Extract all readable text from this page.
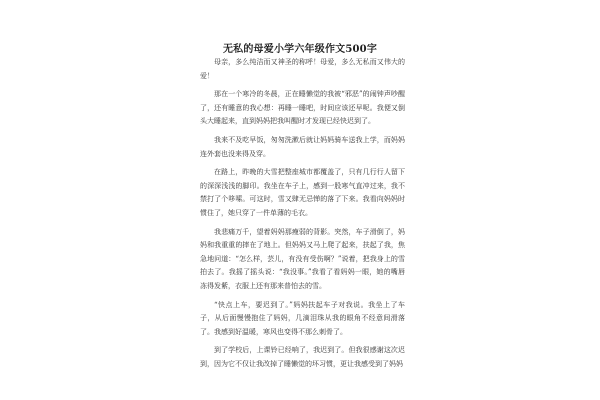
无私的母爱小学六年级作文500字

母亲，多么纯洁而又神圣的称呼！母爱，多么无私而又伟大的爱！

那在一个寒冷的冬晨，正在睡懒觉的我被“邪恶”的闹钟声吵醒了，还有睡意的我心想：再睡一睡吧，时间应该还早呢。我便又倒头大睡起来，直到妈妈把我叫醒时才发现已经快迟到了。

我来不及吃早饭，匆匆洗漱后就让妈妈骑车送我上学，而妈妈连外套也没来得及穿。

在路上，昨晚的大雪把整座城市都覆盖了，只有几行行人留下的深深浅浅的脚印。我坐在车子上，感到一股寒气直冲过来，我不禁打了个哆嗦。可这时，雪又肆无忌惮的落了下来。我看向妈妈时惯住了，她只穿了一件单薄的毛衣。

我悲痛万千，望着妈妈那瘦弱的背影。突然，车子滑倒了，妈妈和我重重的摔在了地上。但妈妈又马上爬了起来，扶起了我，焦急地问道：“怎么样，芸儿，有没有受伤啊？”说着，把我身上的雪拍去了。我摇了摇头说：“我没事。”我看了看妈妈一眼，她的嘴唇冻得发紫，衣服上还有那来普怕去的雪。

“快点上车，要迟到了。”妈妈扶起车子对我说。我坐上了车子，从后面慢慢抱住了妈妈，几滴泪珠从我的眼角不经意间滑落了。我感到好温暖，寒风也变得不那么刺骨了。

到了学校后，上课铃已经响了，我迟到了。但我很感谢这次迟到，因为它不仅让我改掉了睡懒觉的坏习惯，更让我感受到了妈妈
